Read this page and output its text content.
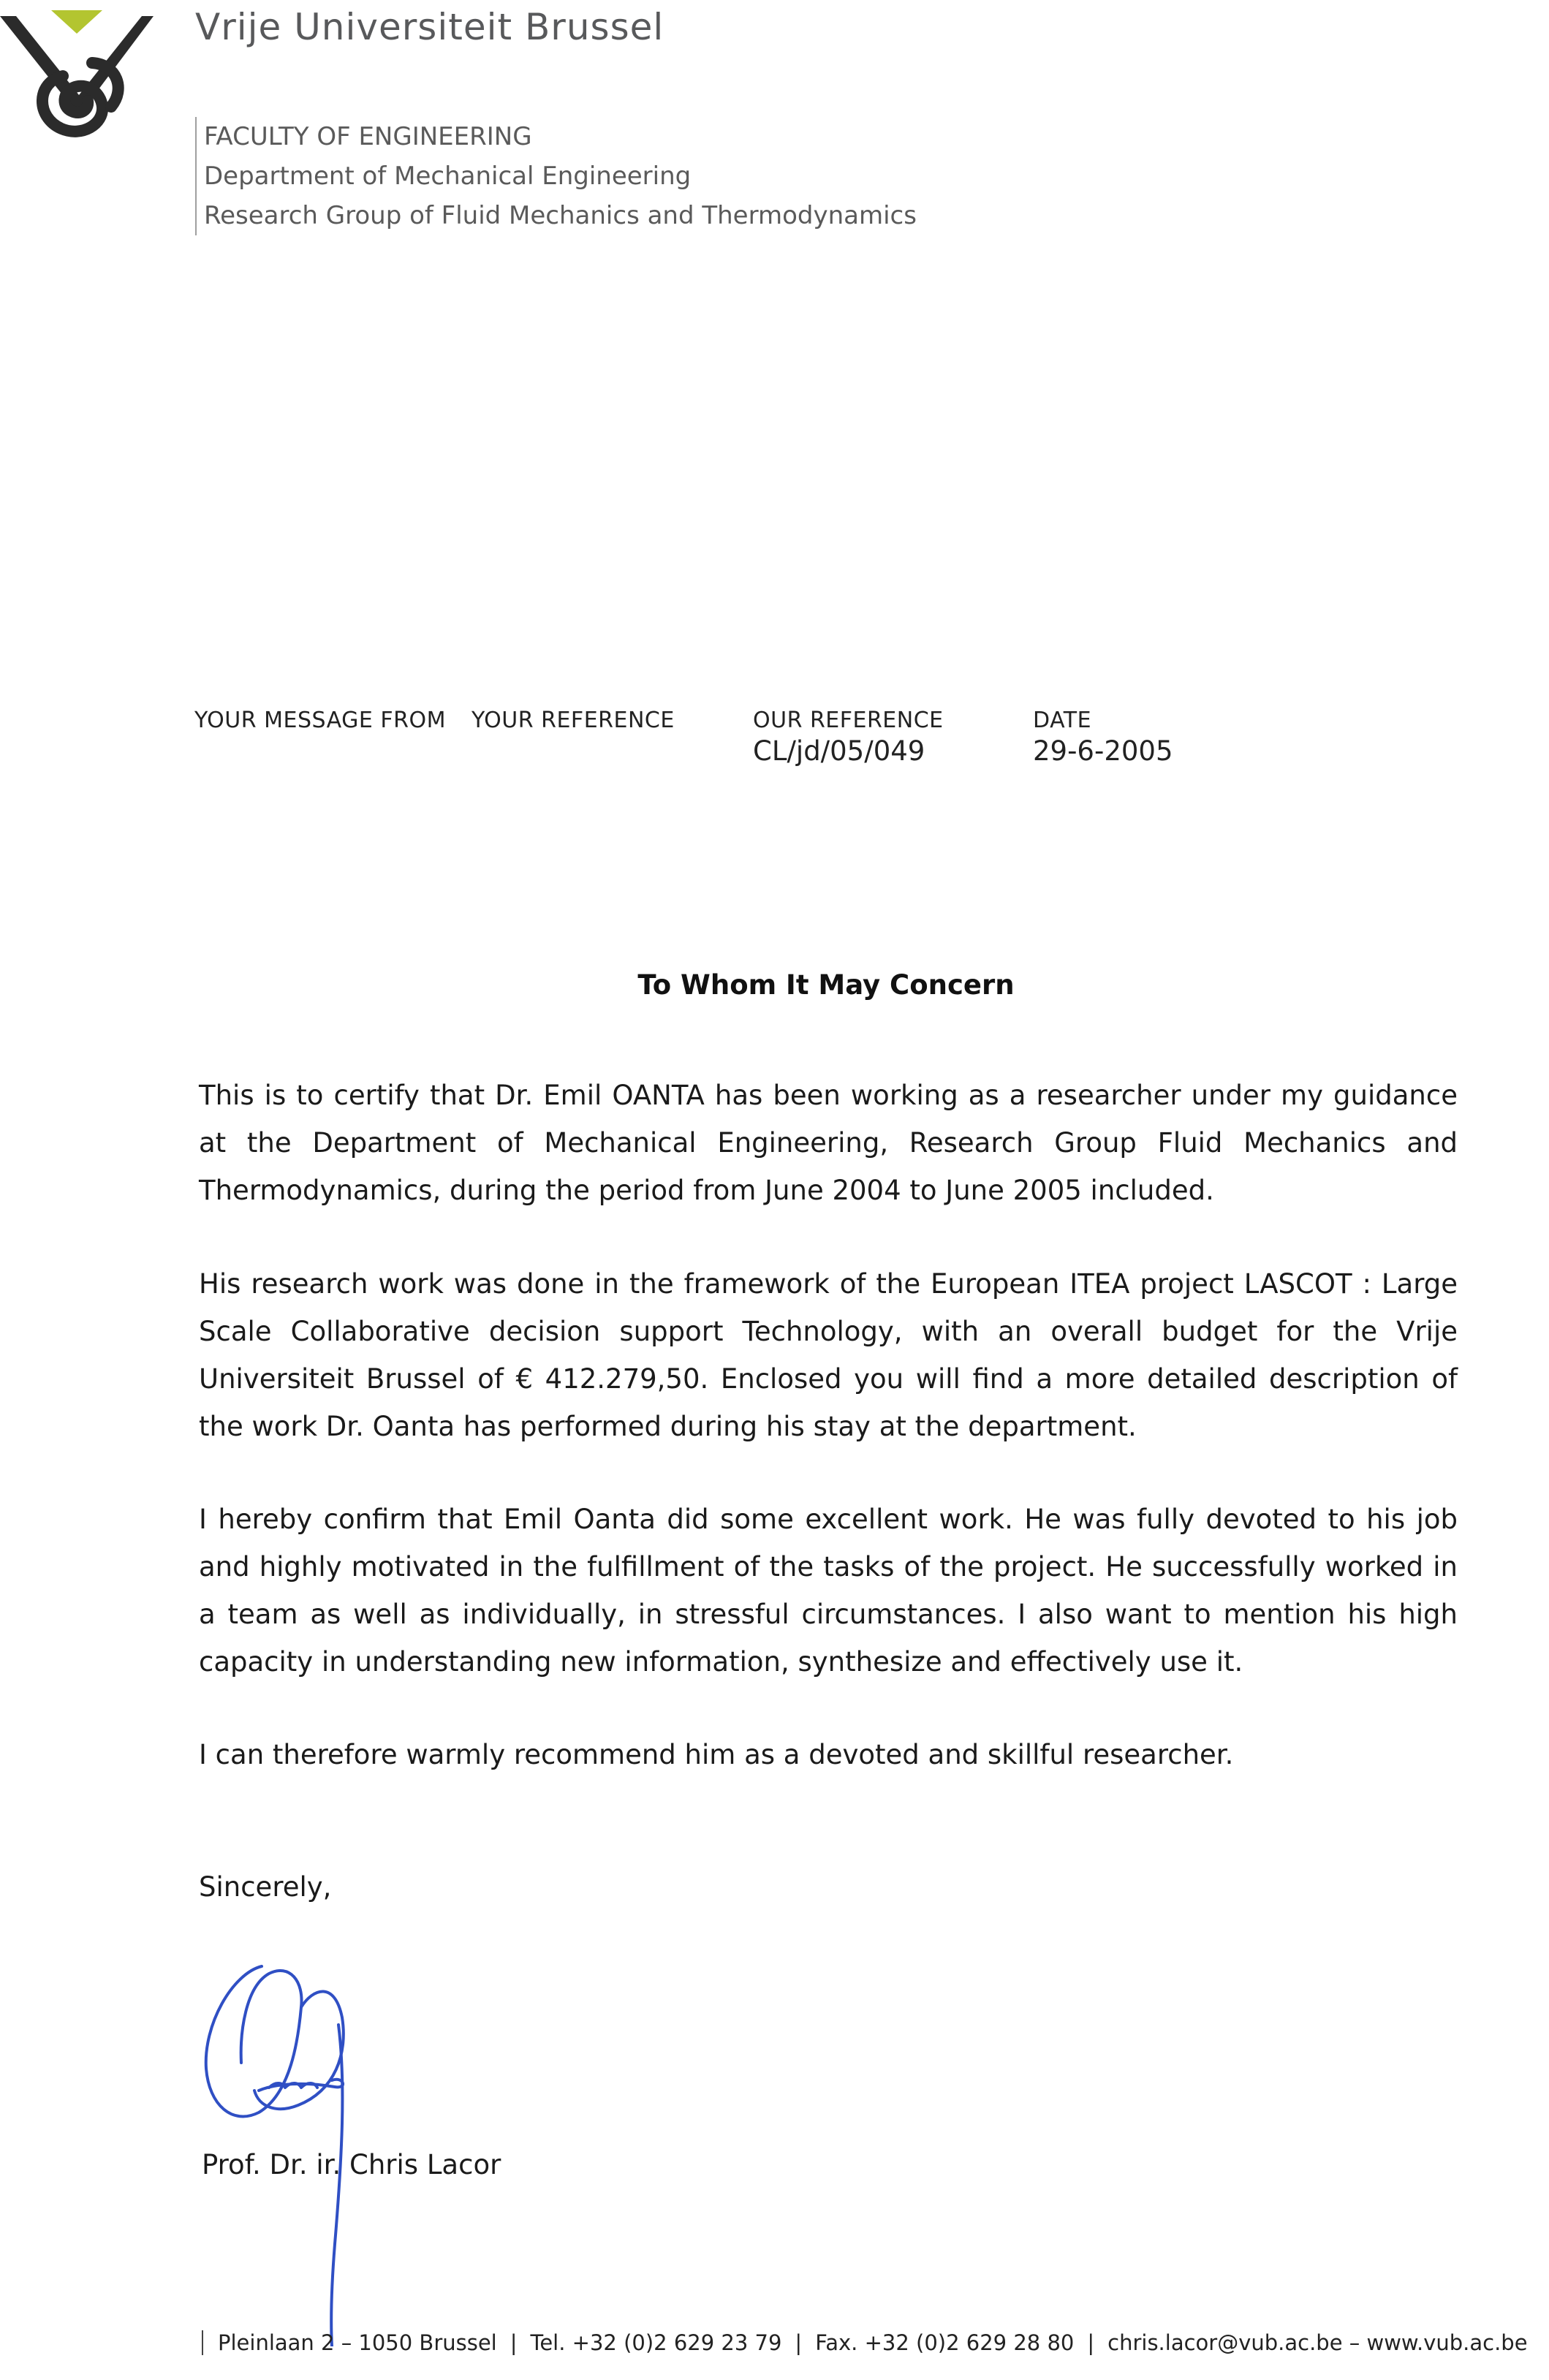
Vrije Universiteit Brussel
FACULTY OF ENGINEERING
Department of Mechanical Engineering
Research Group of Fluid Mechanics and Thermodynamics
YOUR MESSAGE FROM YOUR REFERENCE	OUR REFERENCE
CL/jd/05/049
DATE
29-6-2005
To Whom It May Concern
This is to certify that Dr. Emil OANTA has been working as a researcher under my guidance at the Department of Mechanical Engineering, Research Group Fluid Mechanics and Thermodynamics, during the period from June 2004 to June 2005 included.
His research work was done in the framework of the European ITEA project LASCOT : Large Scale Collaborative decision support Technology, with an overall budget for the Vrije Universiteit Brussel of € 412.279,50. Enclosed you will find a more detailed description of the work Dr. Oanta has performed during his stay at the department.
I hereby confirm that Emil Oanta did some excellent work. He was fully devoted to his job and highly motivated in the fulfillment of the tasks of the project. He successfully worked in a team as well as individually, in stressful circumstances. I also want to mention his high capacity in understanding new information, synthesize and effectively use it.
I can therefore warmly recommend him as a devoted and skillful researcher.
Sincerely,
Prof. Dr. ir. Chris Lacor
Pleinlaan 2 – 1050 Brussel | Tel. +32 (0)2 629 23 79 | Fax. +32 (0)2 629 28 80 | chris.lacor@vub.ac.be – www.vub.ac.be
